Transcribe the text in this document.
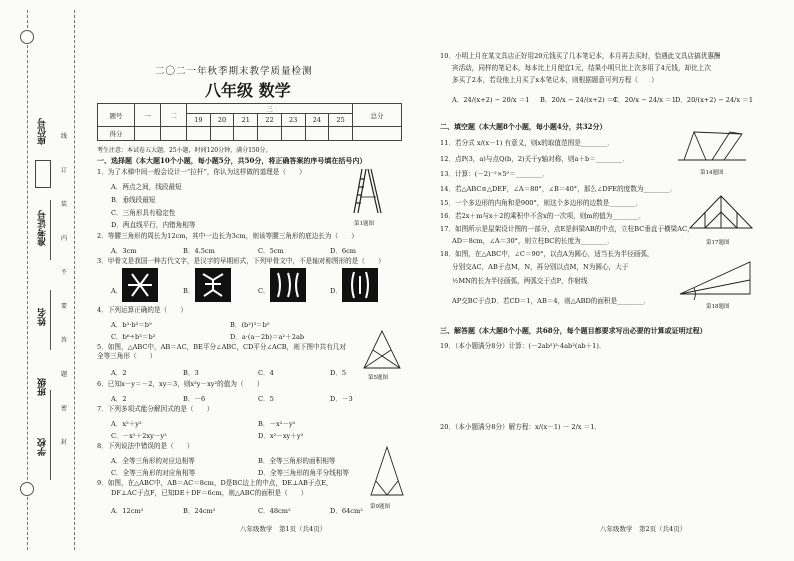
座位号
准考证号
姓名
班级
学校
线
订
装
内
不
要
答
题
密
封
二〇二一年秋季期末教学质量检测
八年级 数学
题号	一	二	三							总分
			19	20	21	22	23	24	25	
得分										
考生注意：本试卷五大题，25小题，时间120分钟，满分150分。
一、选择题（本大题10个小题，每小题5分，共50分，将正确答案的序号填在括号内）
1．为了木梯中间一般会设计一“拉杆”，你认为这样做的道理是（　　）
A．两点之间，线段最短
B．垂线段最短
C．三角形具有稳定性
D．两直线平行，内错角相等	第1题图
2．等腰三角形的周长为12cm，其中一边长为3cm，则该等腰三角形的底边长为（　　）
A．3cm	B．4.5cm	C．5cm	D．6cm
3．甲骨文是我国一种古代文字，是汉字的早期形式，下列甲骨文中，不是轴对称图形的是（　　）
A．	B．	C．	D．
4．下列运算正确的是（　　）
A．b³·b³＝b⁹	B．(b²)³＝b⁵
C．b⁶÷b³＝b²	D．a·(a－2b)＝a²＋2ab
5．如图，△ABC中，AB＝AC，BE平分∠ABC，CD平分∠ACB，则下图中共有几对全等三角形（　　）
A．2	B．3	C．4	D．5
第5题图
6．已知x－y＝－2，xy＝3，则x²y－xy²的值为（　　）
A．2	B．－6	C．5	D．－3
7．下列多项式能分解因式的是（　　）
A．x²＋y²	B．－x²－y²
C．－x²＋2xy－y²	D．x²－xy＋y²
8．下列说法中错误的是（　　）
A．全等三角形的对应边相等	B．全等三角形的面积相等
C．全等三角形的对应角相等	D．全等三角形的角平分线相等
9．如图，在△ABC中，AB＝AC＝8cm，D是BC边上的中点，DE⊥AB于点E，
DF⊥AC于点F，已知DE＋DF＝6cm，则△ABC的面积是（　　）
A．12cm²	B．24cm²	C．48cm²	D．64cm² 第9题图
八年级数学　第1页（共4页）
10．小明上月在某文具店正好用20元钱买了几本笔记本，本月再去买时，恰遇此文具店搞优惠酬
宾活动，同样的笔记本，每本比上月便宜1元，结果小明只比上次多用了4元钱，却比上次
多买了2本，若设他上月买了x本笔记本，则根据题意可列方程（　　）
A．24/(x+2) − 20/x ＝1 B．20/x − 24/(x+2) ＝1
C．20/x − 24/x ＝1 D．20/(x+2) − 24/x ＝1
二、填空题（本大题8个小题，每小题4分，共32分）
11．若分式 x/(x－1) 有意义，则x的取值范围是________．
12．点P(3，a)与点Q(b，2)关于y轴对称，则a＋b＝________．
13．计算：(－2)⁻²×5⁰＝________．
14．若△ABC≌△DEF，∠A＝80°，∠B＝40°，那么∠DFE的度数为________．
第14题图
15．一个多边形的内角和是900°，则这个多边形的边数是________．
16．若2x＋m与x＋2的乘积中不含x的一次项，则m的值为________．
17．如图所示是屋架设计图的一部分，点E是斜梁AB的中点，立柱BC垂直于横梁AC，
AD＝8cm，∠A＝30°，则立柱BC的长度为________．	第17题图
18．如图，在△ABC中，∠C＝90°，以点A为圆心，适当长为半径画弧，
分别交AC，AB于点M，N，再分别以点M，N为圆心，大于
½MN的长为半径画弧，两弧交于点P，作射线
AP交BC于点D．若CD＝1，AB＝4，则△ABD的面积是________．
第18题图
三、解答题（本大题8个小题，共68分，每个题目都要求写出必要的计算或证明过程）
19．（本小题满分8分）计算：(－2ab²)²·4ab²(ab＋1)．
20．（本小题满分8分）解方程：x/(x－1) － 2/x ＝1．
八年级数学　第2页（共4页）
